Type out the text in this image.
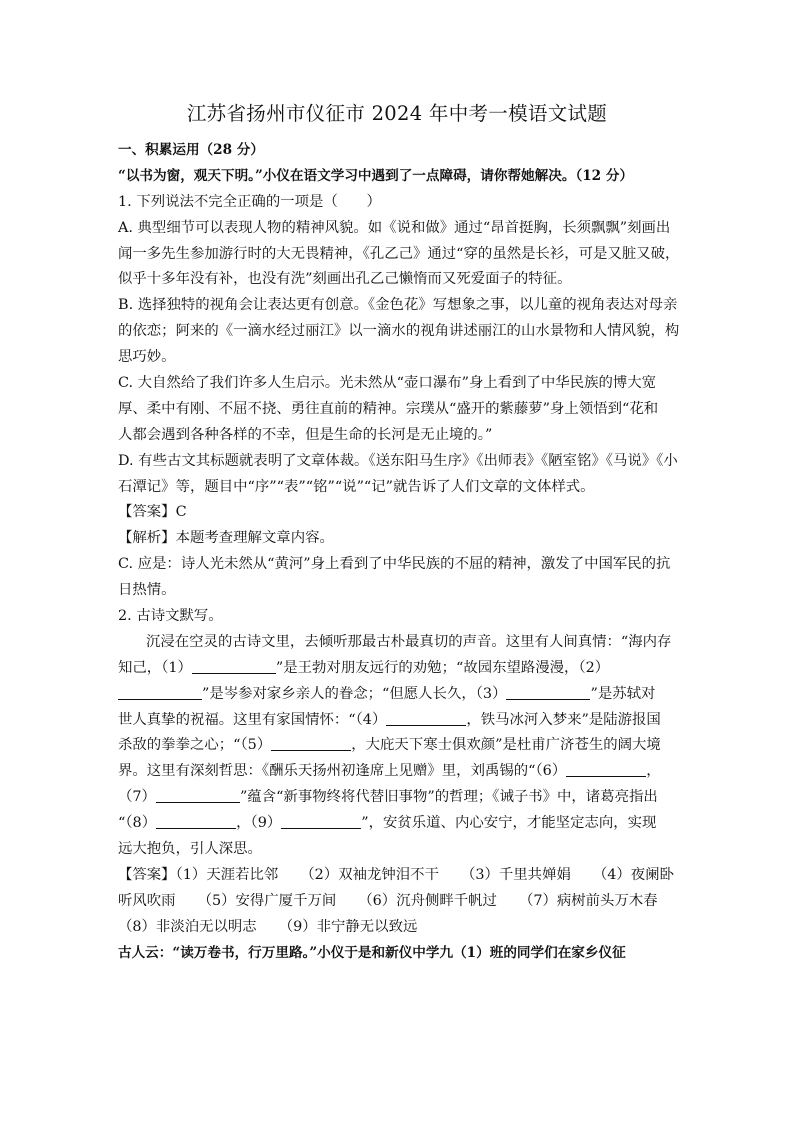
江苏省扬州市仪征市 2024 年中考一模语文试题
一、积累运用（28 分）
“以书为窗，观天下明。”小仪在语文学习中遇到了一点障碍，请你帮她解决。（12 分）
1. 下列说法不完全正确的一项是（　　）
A. 典型细节可以表现人物的精神风貌。如《说和做》通过“昂首挺胸，长须飘飘”刻画出
闻一多先生参加游行时的大无畏精神，《孔乙己》通过“穿的虽然是长衫，可是又脏又破，
似乎十多年没有补，也没有洗”刻画出孔乙己懒惰而又死爱面子的特征。
B. 选择独特的视角会让表达更有创意。《金色花》写想象之事，以儿童的视角表达对母亲
的依恋；阿来的《一滴水经过丽江》以一滴水的视角讲述丽江的山水景物和人情风貌，构
思巧妙。
C. 大自然给了我们许多人生启示。光未然从“壶口瀑布”身上看到了中华民族的博大宽
厚、柔中有刚、不屈不挠、勇往直前的精神。宗璞从“盛开的紫藤萝”身上领悟到“花和
人都会遇到各种各样的不幸，但是生命的长河是无止境的。”
D. 有些古文其标题就表明了文章体裁。《送东阳马生序》《出师表》《陋室铭》《马说》《小
石潭记》等，题目中“序”“表”“铭”“说”“记”就告诉了人们文章的文体样式。
【答案】C
【解析】本题考查理解文章内容。
C. 应是：诗人光未然从“黄河”身上看到了中华民族的不屈的精神，激发了中国军民的抗
日热情。
2. 古诗文默写。
沉浸在空灵的古诗文里，去倾听那最古朴最真切的声音。这里有人间真情：“海内存
知己，（1）	”是王勃对朋友远行的劝勉；“故园东望路漫漫，（2）
”是岑参对家乡亲人的眷念；“但愿人长久，（3）	”是苏轼对
世人真挚的祝福。这里有家国情怀：“（4）	，铁马冰河入梦来”是陆游报国
杀敌的拳拳之心；“（5）	，大庇天下寒士俱欢颜”是杜甫广济苍生的阔大境
界。这里有深刻哲思：《酬乐天扬州初逢席上见赠》里，刘禹锡的“（6）	，
（7）	”蕴含“新事物终将代替旧事物”的哲理；《诫子书》中，诸葛亮指出
“（8）	，（9）	”，安贫乐道、内心安宁，才能坚定志向，实现
远大抱负，引人深思。
【答案】（1）天涯若比邻 （2）双袖龙钟泪不干 （3）千里共婵娟 （4）夜阑卧
听风吹雨 （5）安得广厦千万间 （6）沉舟侧畔千帆过 （7）病树前头万木春
（8）非淡泊无以明志 （9）非宁静无以致远
古人云：“读万卷书，行万里路。”小仪于是和新仪中学九（1）班的同学们在家乡仪征
